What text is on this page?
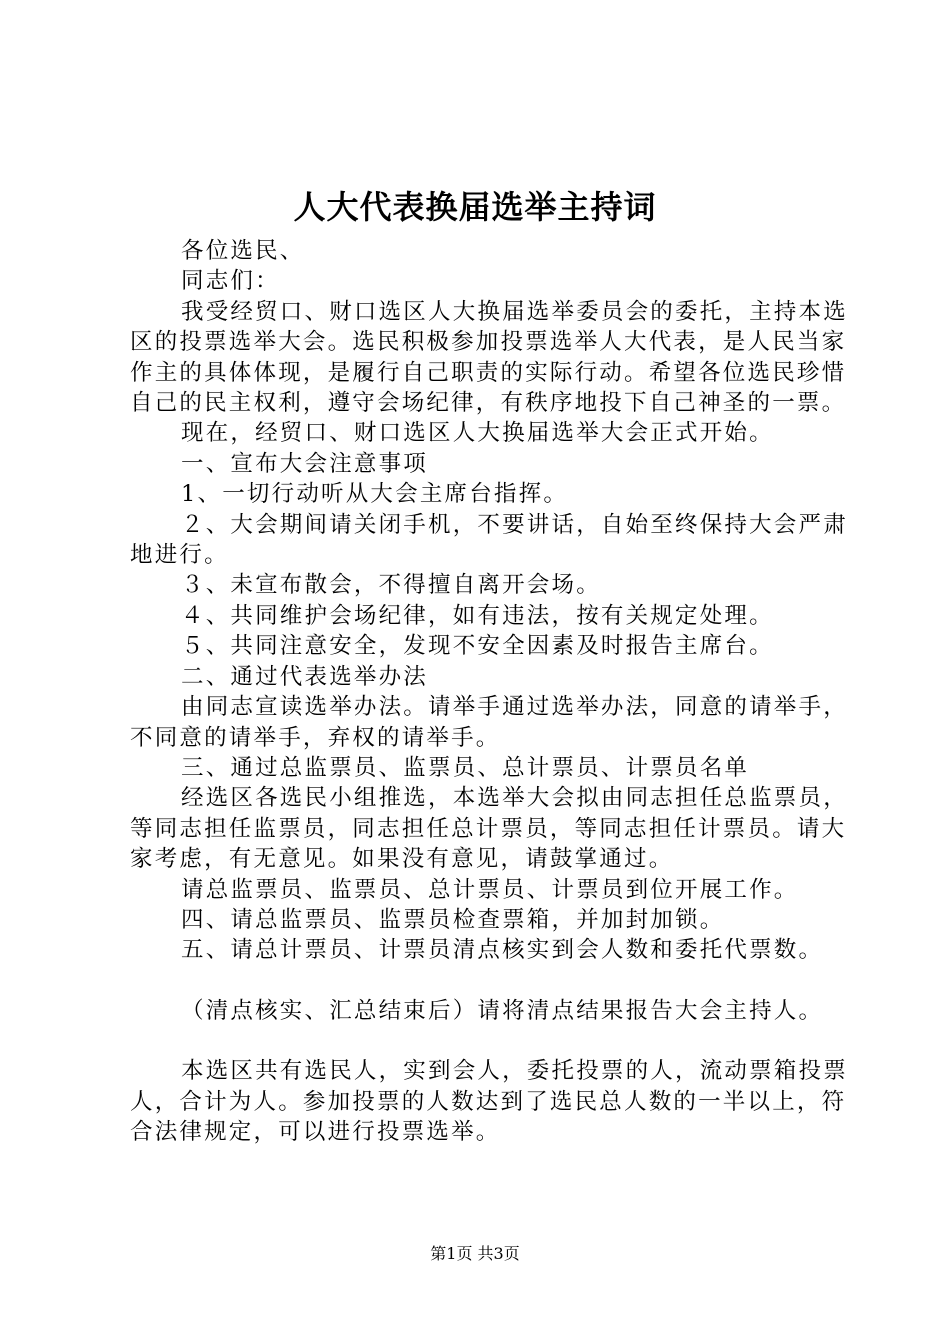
人大代表换届选举主持词

各位选民、

同志们：

我受经贸口、财口选区人大换届选举委员会的委托，主持本选区的投票选举大会。选民积极参加投票选举人大代表，是人民当家作主的具体体现，是履行自己职责的实际行动。希望各位选民珍惜自己的民主权利，遵守会场纪律，有秩序地投下自己神圣的一票。

现在，经贸口、财口选区人大换届选举大会正式开始。

一、宣布大会注意事项

1、一切行动听从大会主席台指挥。

２、大会期间请关闭手机，不要讲话，自始至终保持大会严肃地进行。

３、未宣布散会，不得擅自离开会场。

４、共同维护会场纪律，如有违法，按有关规定处理。

５、共同注意安全，发现不安全因素及时报告主席台。

二、通过代表选举办法

由同志宣读选举办法。请举手通过选举办法，同意的请举手，不同意的请举手，弃权的请举手。

三、通过总监票员、监票员、总计票员、计票员名单

经选区各选民小组推选，本选举大会拟由同志担任总监票员，等同志担任监票员，同志担任总计票员，等同志担任计票员。请大家考虑，有无意见。如果没有意见，请鼓掌通过。

请总监票员、监票员、总计票员、计票员到位开展工作。

四、请总监票员、监票员检查票箱，并加封加锁。

五、请总计票员、计票员清点核实到会人数和委托代票数。

（清点核实、汇总结束后）请将清点结果报告大会主持人。

本选区共有选民人，实到会人，委托投票的人，流动票箱投票人，合计为人。参加投票的人数达到了选民总人数的一半以上，符合法律规定，可以进行投票选举。

第1页 共3页
